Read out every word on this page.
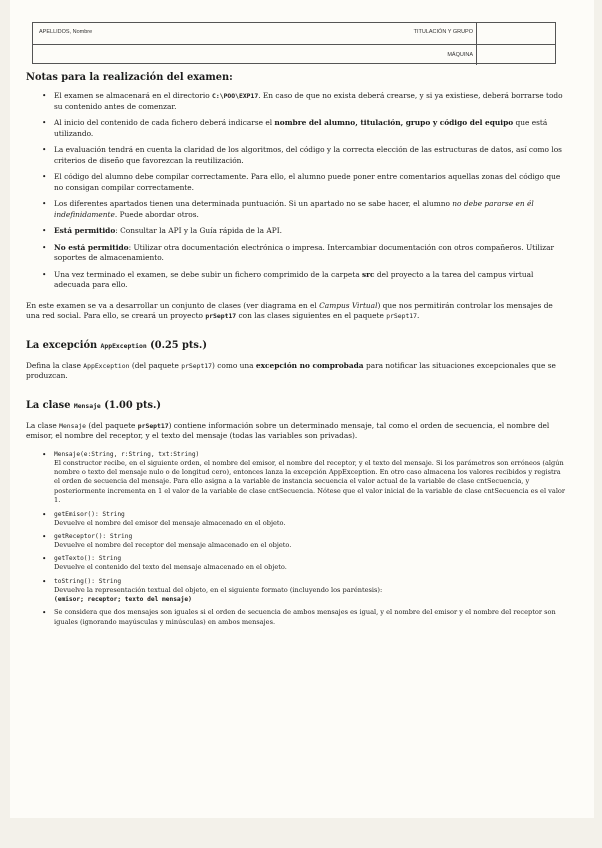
APELLIDOS, Nombre	TITULACIÓN Y GRUPO
MÁQUINA
Notas para la realización del examen:
• El examen se almacenará en el directorio C:\POO\EXP17. En caso de que no exista deberá crearse, y si ya existiese, deberá borrarse todo su contenido antes de comenzar.
• Al inicio del contenido de cada fichero deberá indicarse el nombre del alumno, titulación, grupo y código del equipo que está utilizando.
• La evaluación tendrá en cuenta la claridad de los algoritmos, del código y la correcta elección de las estructuras de datos, así como los criterios de diseño que favorezcan la reutilización.
• El código del alumno debe compilar correctamente. Para ello, el alumno puede poner entre comentarios aquellas zonas del código que no consigan compilar correctamente.
• Los diferentes apartados tienen una determinada puntuación. Si un apartado no se sabe hacer, el alumno no debe pararse en él indefinidamente. Puede abordar otros.
• Está permitido: Consultar la API y la Guía rápida de la API.
• No está permitido: Utilizar otra documentación electrónica o impresa. Intercambiar documentación con otros compañeros. Utilizar soportes de almacenamiento.
• Una vez terminado el examen, se debe subir un fichero comprimido de la carpeta src del proyecto a la tarea del campus virtual adecuada para ello.

En este examen se va a desarrollar un conjunto de clases (ver diagrama en el Campus Virtual) que nos permitirán controlar los mensajes de una red social. Para ello, se creará un proyecto prSept17 con las clases siguientes en el paquete prSept17.

La excepción AppException (0.25 pts.)

Defina la clase AppException (del paquete prSept17) como una excepción no comprobada para notificar las situaciones excepcionales que se produzcan.

La clase Mensaje (1.00 pts.)

La clase Mensaje (del paquete prSept17) contiene información sobre un determinado mensaje, tal como el orden de secuencia, el nombre del emisor, el nombre del receptor, y el texto del mensaje (todas las variables son privadas).

• Mensaje(e:String, r:String, txt:String)
El constructor recibe, en el siguiente orden, el nombre del emisor, el nombre del receptor, y el texto del mensaje. Si los parámetros son erróneos (algún nombre o texto del mensaje nulo o de longitud cero), entonces lanza la excepción AppException. En otro caso almacena los valores recibidos y registra el orden de secuencia del mensaje. Para ello asigna a la variable de instancia secuencia el valor actual de la variable de clase cntSecuencia, y posteriormente incrementa en 1 el valor de la variable de clase cntSecuencia. Nótese que el valor inicial de la variable de clase cntSecuencia es el valor 1.
• getEmisor(): String
Devuelve el nombre del emisor del mensaje almacenado en el objeto.
• getReceptor(): String
Devuelve el nombre del receptor del mensaje almacenado en el objeto.
• getTexto(): String
Devuelve el contenido del texto del mensaje almacenado en el objeto.
• toString(): String
Devuelve la representación textual del objeto, en el siguiente formato (incluyendo los paréntesis):
(emisor; receptor; texto del mensaje)
• Se considera que dos mensajes son iguales si el orden de secuencia de ambos mensajes es igual, y el nombre del emisor y el nombre del receptor son iguales (ignorando mayúsculas y minúsculas) en ambos mensajes.
